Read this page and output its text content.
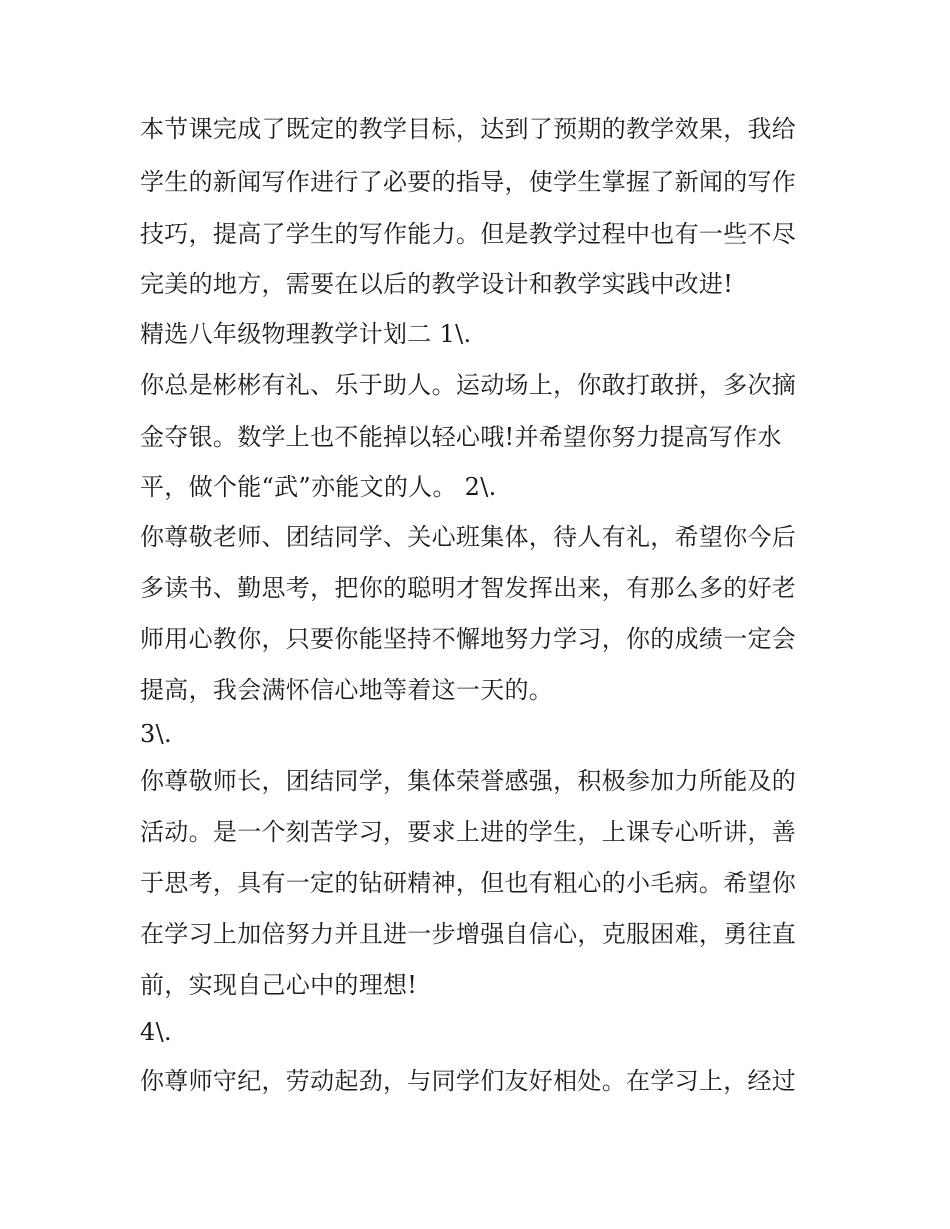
本节课完成了既定的教学目标，达到了预期的教学效果，我给
学生的新闻写作进行了必要的指导，使学生掌握了新闻的写作
技巧，提高了学生的写作能力。但是教学过程中也有一些不尽
完美的地方，需要在以后的教学设计和教学实践中改进!
精选八年级物理教学计划二 1\.
你总是彬彬有礼、乐于助人。运动场上，你敢打敢拼，多次摘
金夺银。数学上也不能掉以轻心哦!并希望你努力提高写作水
平，做个能“武”亦能文的人。 2\.
你尊敬老师、团结同学、关心班集体，待人有礼，希望你今后
多读书、勤思考，把你的聪明才智发挥出来，有那么多的好老
师用心教你，只要你能坚持不懈地努力学习，你的成绩一定会
提高，我会满怀信心地等着这一天的。
3\.
你尊敬师长，团结同学，集体荣誉感强，积极参加力所能及的
活动。是一个刻苦学习，要求上进的学生，上课专心听讲，善
于思考，具有一定的钻研精神，但也有粗心的小毛病。希望你
在学习上加倍努力并且进一步增强自信心，克服困难，勇往直
前，实现自己心中的理想!
4\.
你尊师守纪，劳动起劲，与同学们友好相处。在学习上，经过
